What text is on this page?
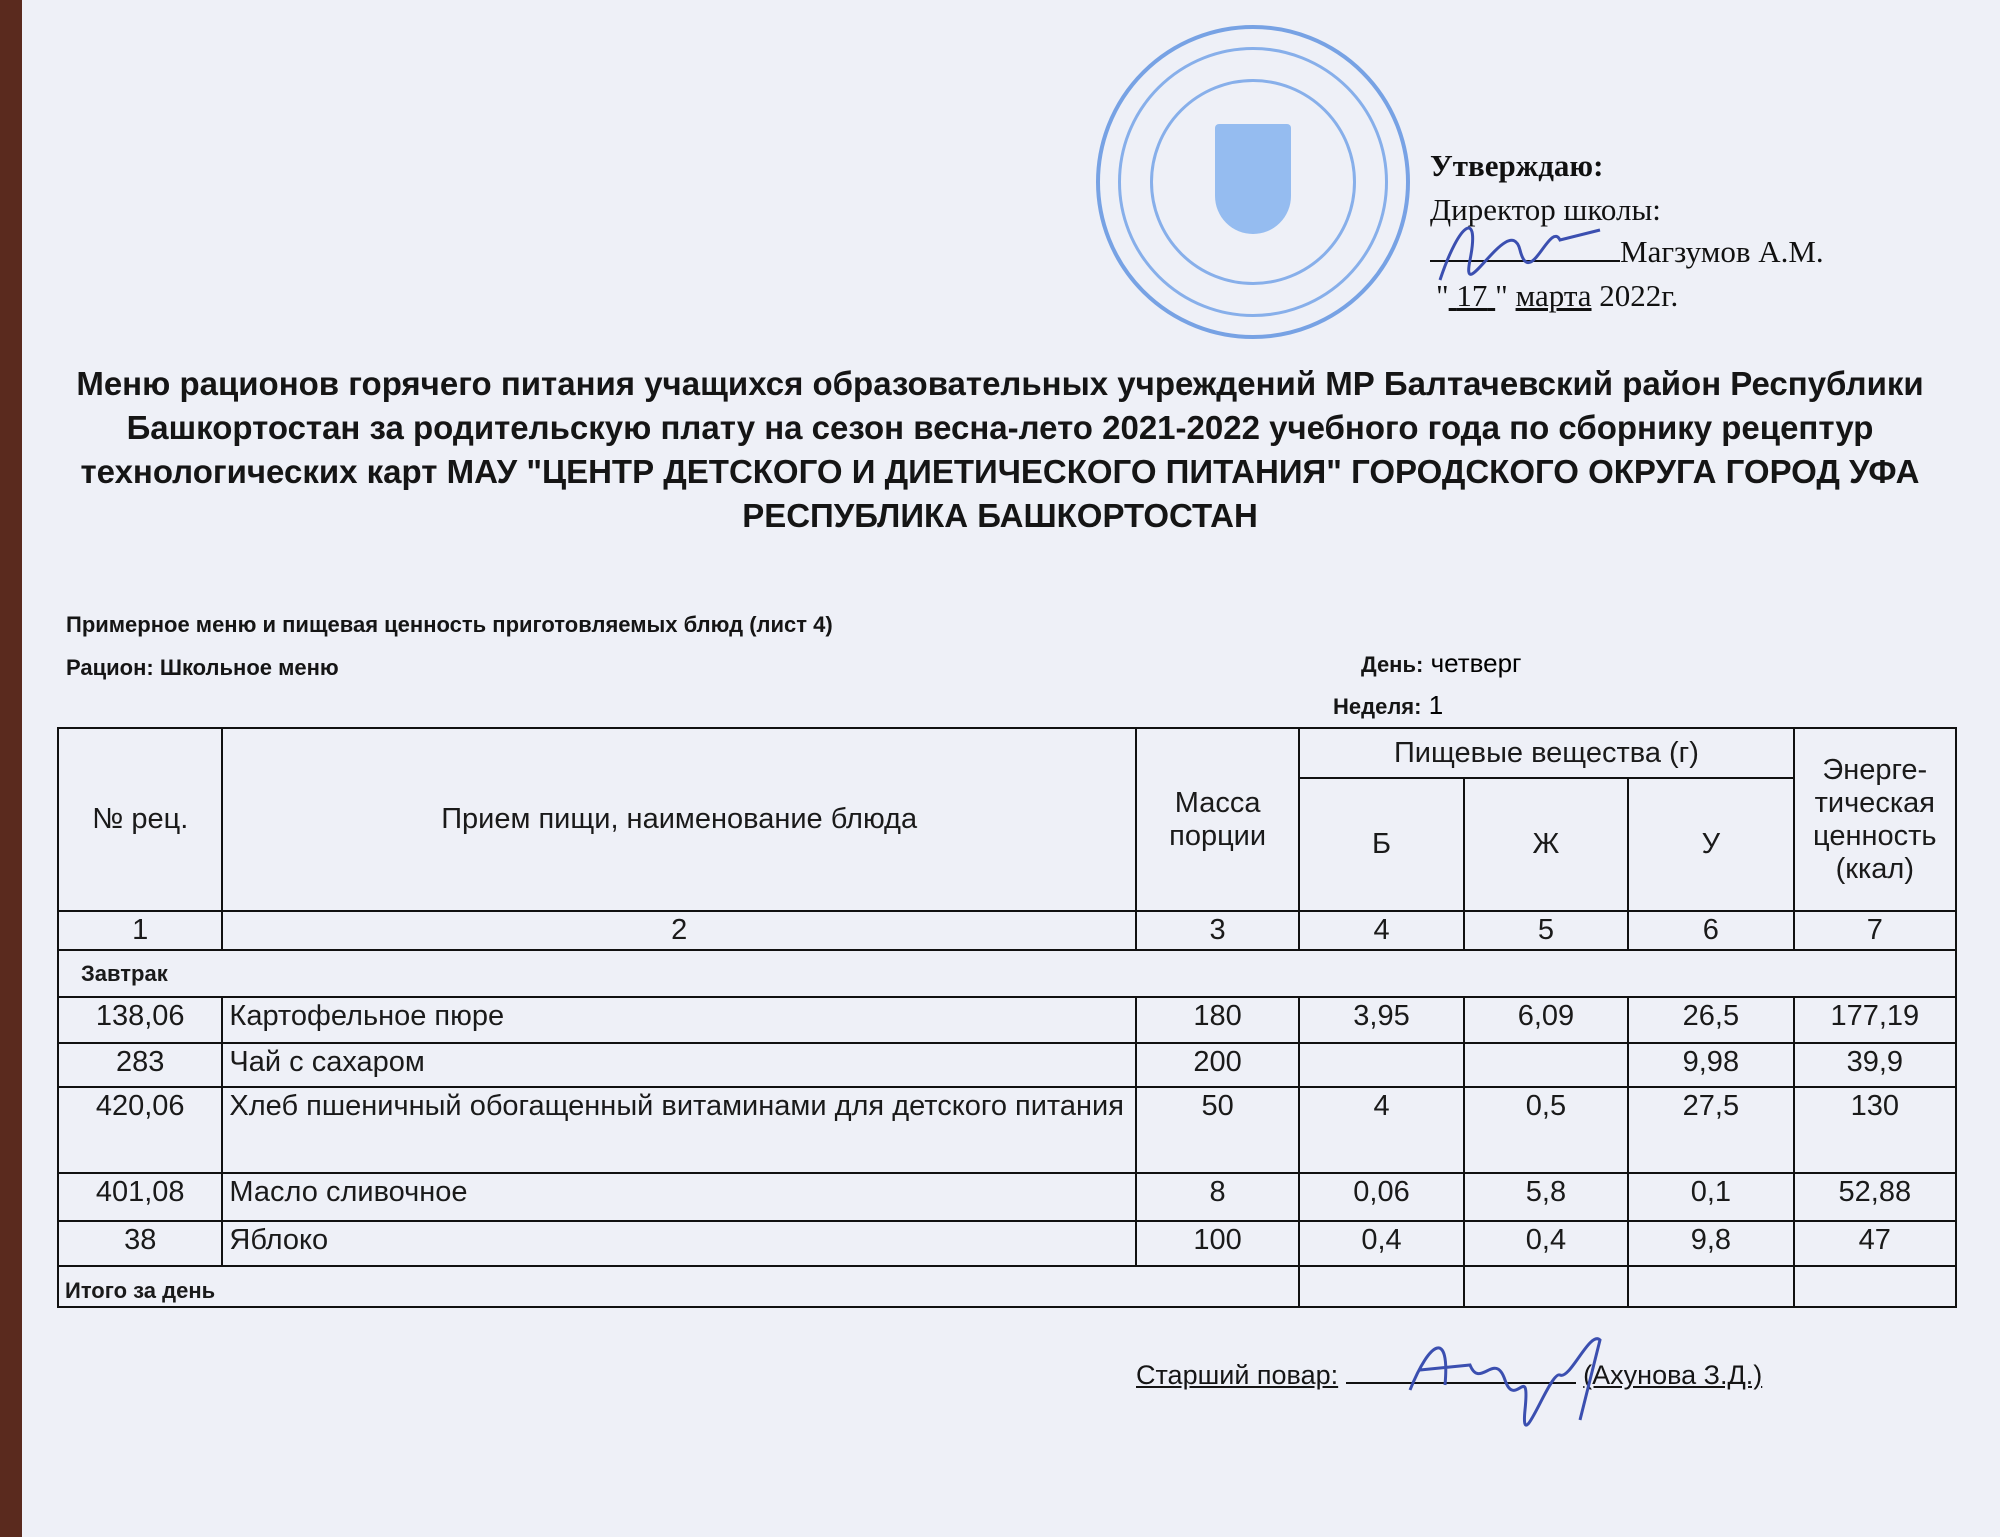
Утверждаю:
Директор школы:
Магзумов А.М.
" 17 " марта 2022г.
Меню рационов горячего питания учащихся образовательных учреждений МР Балтачевский район Республики Башкортостан за родительскую плату на сезон весна-лето 2021-2022 учебного года по сборнику рецептур технологических карт МАУ "ЦЕНТР ДЕТСКОГО И ДИЕТИЧЕСКОГО ПИТАНИЯ" ГОРОДСКОГО ОКРУГА ГОРОД УФА РЕСПУБЛИКА БАШКОРТОСТАН
Примерное меню и пищевая ценность приготовляемых блюд (лист 4)
Рацион: Школьное меню	День: четверг
Неделя: 1
№ рец.	Прием пищи, наименование блюда	Масса порции	Пищевые вещества (г)			Энерге-тическая ценность (ккал)
			Б	Ж	У	
1	2	3	4	5	6	7
Завтрак						
138,06	Картофельное пюре	180	3,95	6,09	26,5	177,19
283	Чай с сахаром	200			9,98	39,9
420,06	Хлеб пшеничный обогащенный витаминами для детского питания	50	4	0,5	27,5	130
401,08	Масло сливочное	8	0,06	5,8	0,1	52,88
38	Яблоко	100	0,4	0,4	9,8	47
Итого за день						
Старший повар:	(Ахунова З.Д.)
